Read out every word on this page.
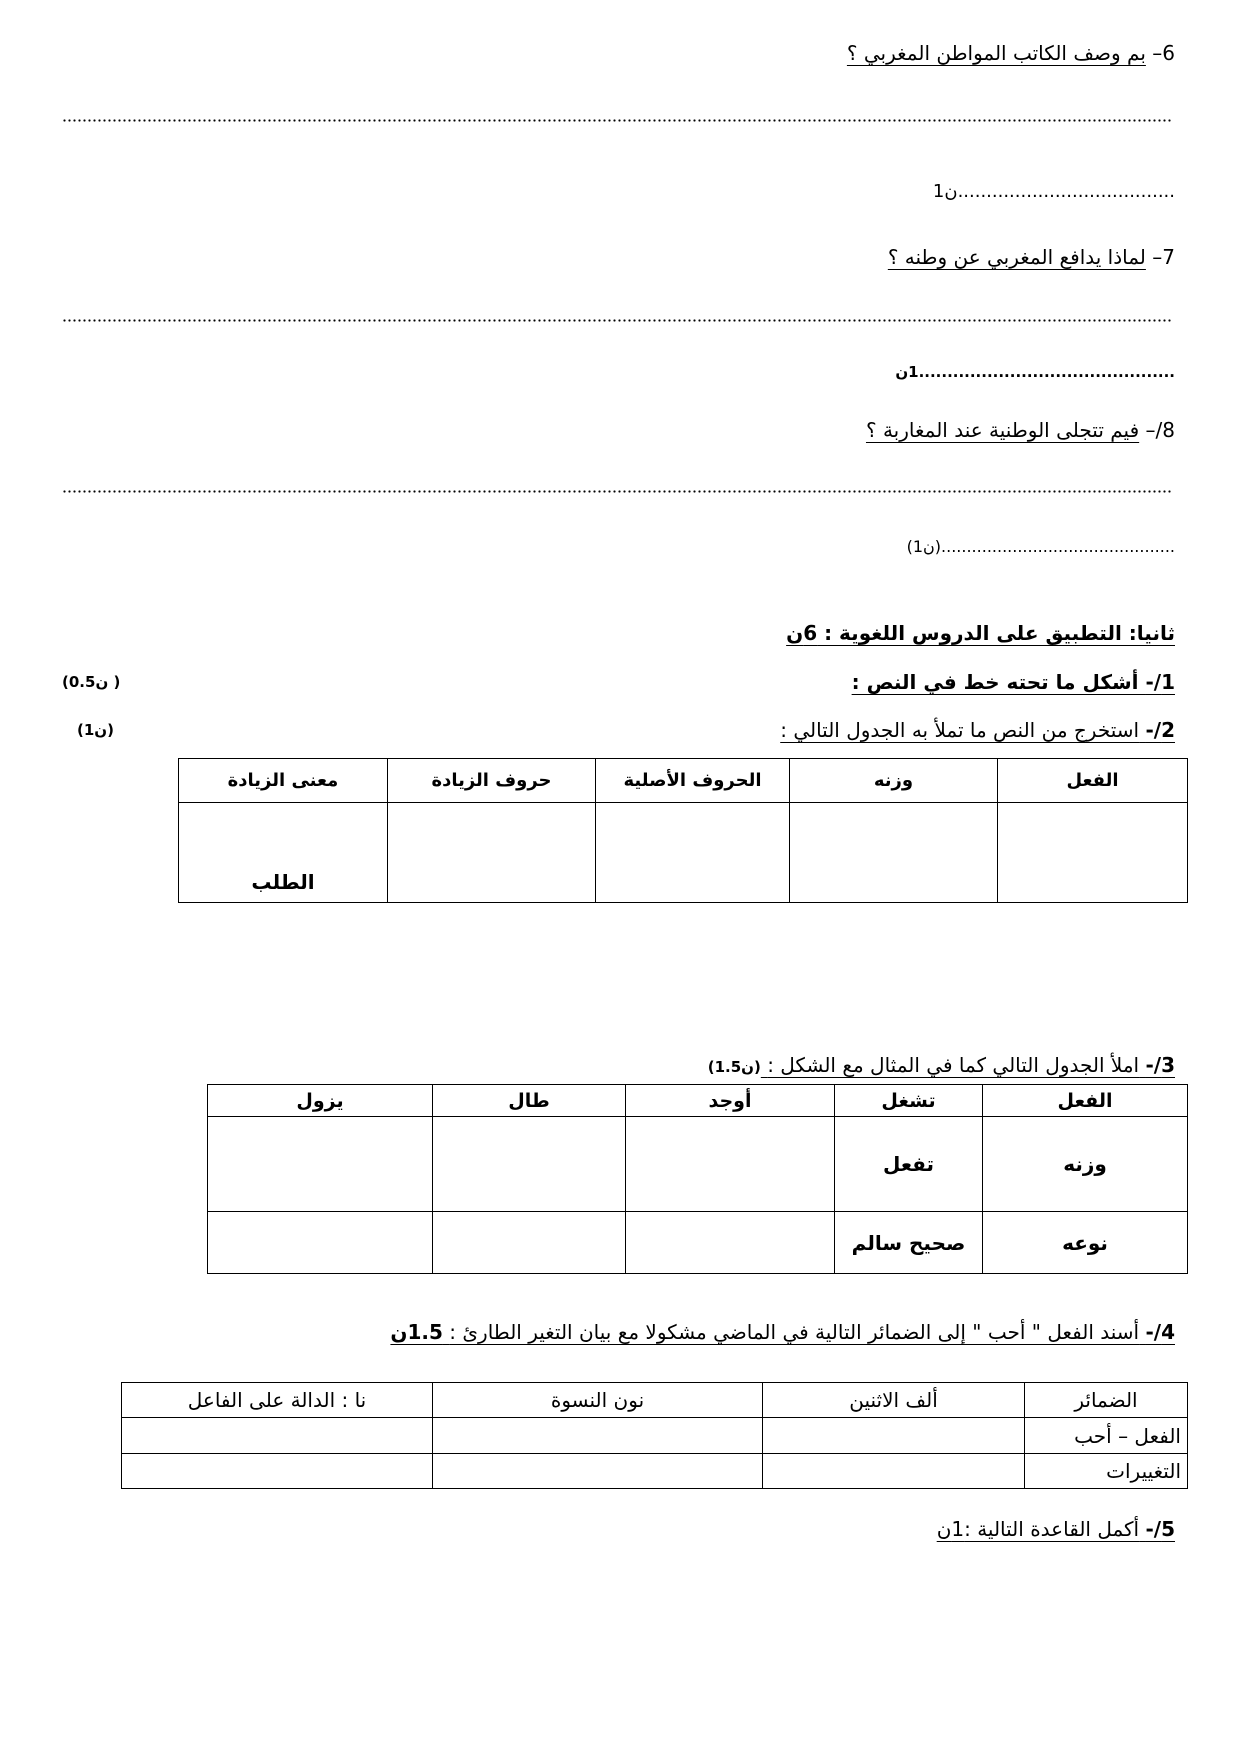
6– بم وصف الكاتب المواطن المغربي ؟
......................................ن1
7– لماذا يدافع المغربي عن وطنه ؟
.............................................1ن
8/– فيم تتجلى الوطنية عند المغاربة ؟
..............................................(ن1)
ثانيا: التطبيق على الدروس اللغوية : 6ن
1/- أشكل ما تحته خط في النص :
(0.5ن )
2/- استخرج من النص ما تملأ به الجدول التالي :
(1ن)
الفعل	وزنه	الحروف الأصلية	حروف الزيادة	معنى الزيادة
				الطلب
3/- املأ الجدول التالي كما في المثال مع الشكل : (1.5ن)
الفعل	تشغل	أوجد	طال	يزول
وزنه	تفعل			
نوعه	صحيح سالم			
4/- أسند الفعل " أحب " إلى الضمائر التالية في الماضي مشكولا مع بيان التغير الطارئ : 1.5ن
الضمائر	ألف الاثنين	نون النسوة	نا : الدالة على الفاعل
الفعل – أحب			
التغييرات			
5/- أكمل القاعدة التالية :1ن
